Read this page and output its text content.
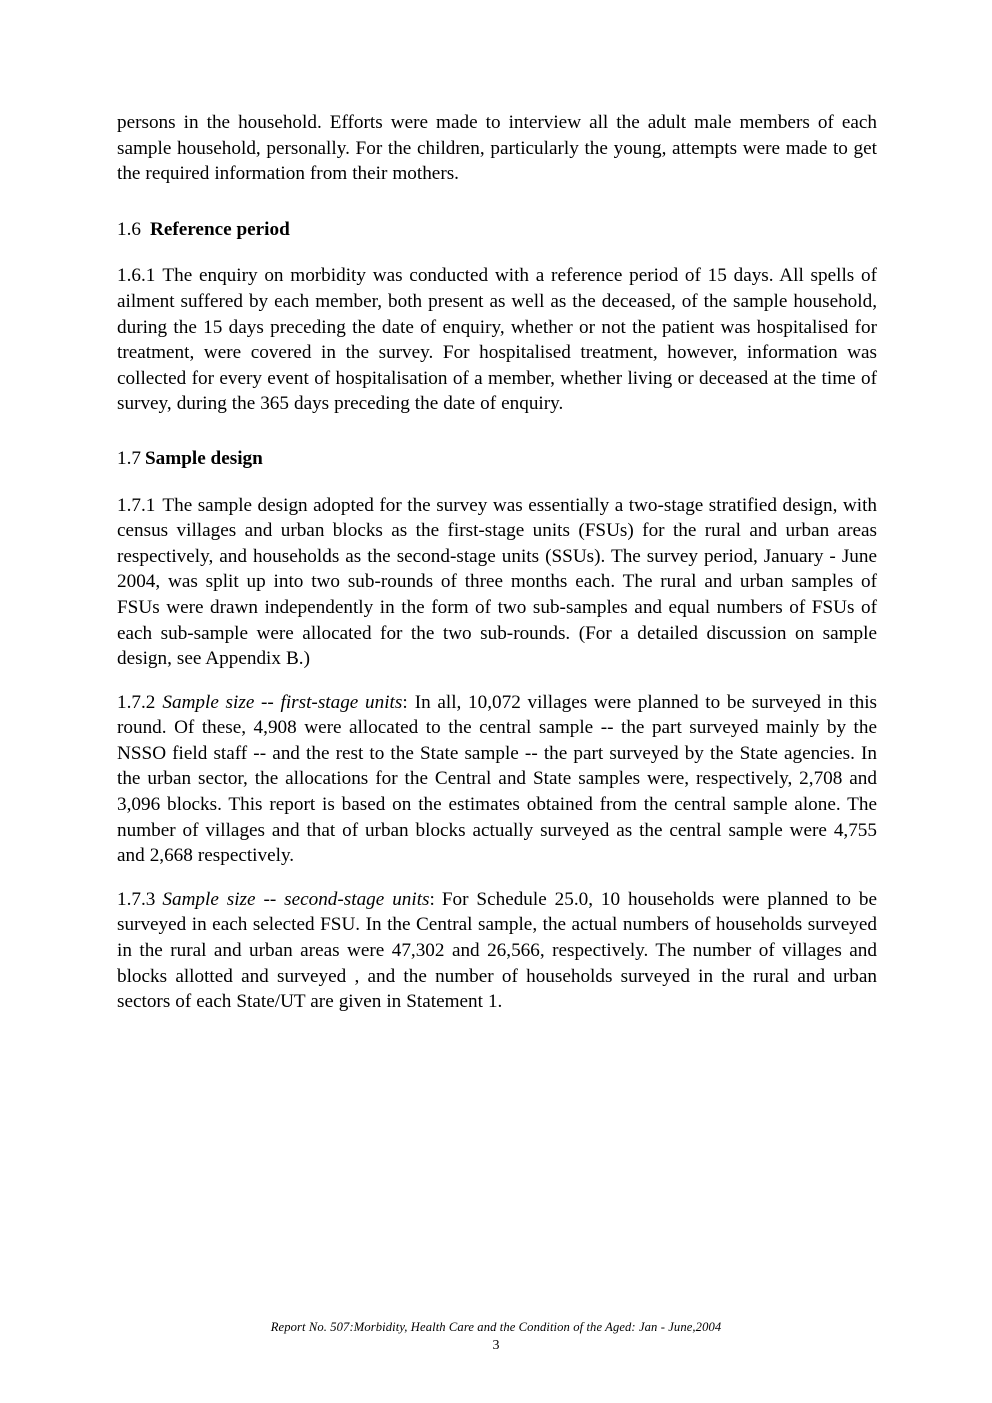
persons in the household. Efforts were made to interview all the adult male members of each sample household, personally. For the children, particularly the young, attempts were made to get the required information from their mothers.

1.6 Reference period

1.6.1 The enquiry on morbidity was conducted with a reference period of 15 days. All spells of ailment suffered by each member, both present as well as the deceased, of the sample household, during the 15 days preceding the date of enquiry, whether or not the patient was hospitalised for treatment, were covered in the survey. For hospitalised treatment, however, information was collected for every event of hospitalisation of a member, whether living or deceased at the time of survey, during the 365 days preceding the date of enquiry.

1.7 Sample design

1.7.1 The sample design adopted for the survey was essentially a two-stage stratified design, with census villages and urban blocks as the first-stage units (FSUs) for the rural and urban areas respectively, and households as the second-stage units (SSUs). The survey period, January - June 2004, was split up into two sub-rounds of three months each. The rural and urban samples of FSUs were drawn independently in the form of two sub-samples and equal numbers of FSUs of each sub-sample were allocated for the two sub-rounds. (For a detailed discussion on sample design, see Appendix B.)

1.7.2 Sample size -- first-stage units: In all, 10,072 villages were planned to be surveyed in this round. Of these, 4,908 were allocated to the central sample -- the part surveyed mainly by the NSSO field staff -- and the rest to the State sample -- the part surveyed by the State agencies. In the urban sector, the allocations for the Central and State samples were, respectively, 2,708 and 3,096 blocks. This report is based on the estimates obtained from the central sample alone. The number of villages and that of urban blocks actually surveyed as the central sample were 4,755 and 2,668 respectively.

1.7.3 Sample size -- second-stage units: For Schedule 25.0, 10 households were planned to be surveyed in each selected FSU. In the Central sample, the actual numbers of households surveyed in the rural and urban areas were 47,302 and 26,566, respectively. The number of villages and blocks allotted and surveyed , and the number of households surveyed in the rural and urban sectors of each State/UT are given in Statement 1.

Report No. 507:Morbidity, Health Care and the Condition of the Aged: Jan - June,2004
3
